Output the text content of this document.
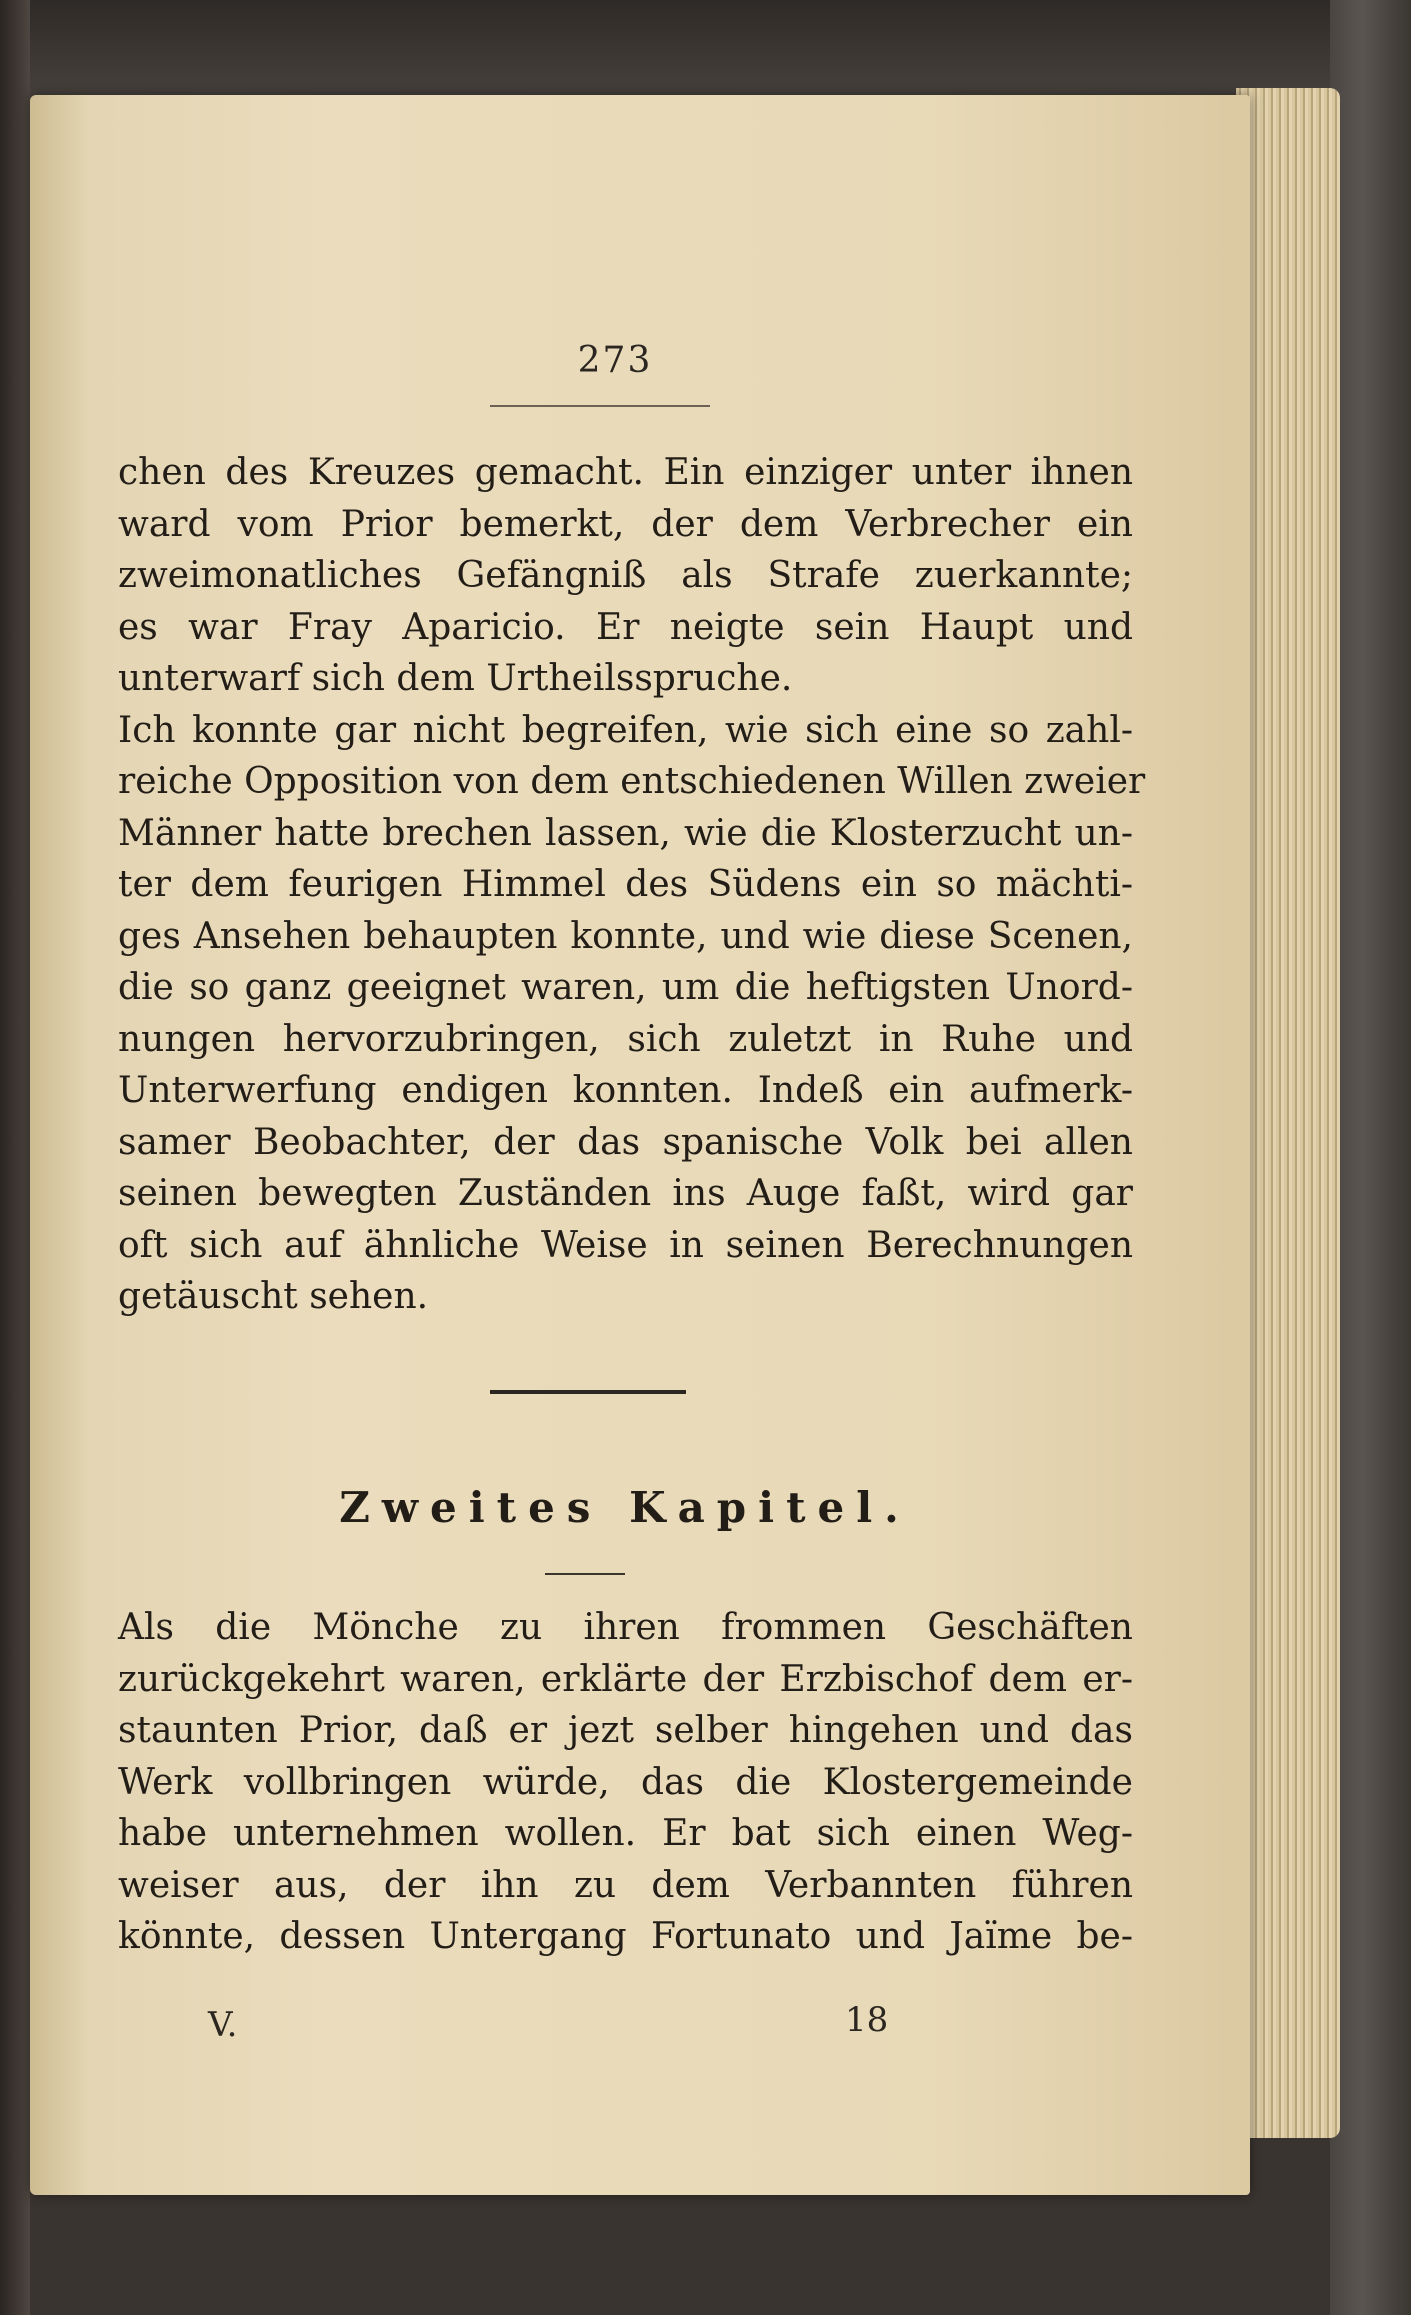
273
chen des Kreuzes gemacht. Ein einziger unter ihnen
ward vom Prior bemerkt, der dem Verbrecher ein
zweimonatliches Gefängniß als Strafe zuerkannte;
es war Fray Aparicio. Er neigte sein Haupt und
unterwarf sich dem Urtheilsspruche.
Ich konnte gar nicht begreifen, wie sich eine so zahl-
reiche Opposition von dem entschiedenen Willen zweier
Männer hatte brechen lassen, wie die Klosterzucht un-
ter dem feurigen Himmel des Südens ein so mächti-
ges Ansehen behaupten konnte, und wie diese Scenen,
die so ganz geeignet waren, um die heftigsten Unord-
nungen hervorzubringen, sich zuletzt in Ruhe und
Unterwerfung endigen konnten. Indeß ein aufmerk-
samer Beobachter, der das spanische Volk bei allen
seinen bewegten Zuständen ins Auge faßt, wird gar
oft sich auf ähnliche Weise in seinen Berechnungen
getäuscht sehen.
Zweites Kapitel.
Als die Mönche zu ihren frommen Geschäften
zurückgekehrt waren, erklärte der Erzbischof dem er-
staunten Prior, daß er jezt selber hingehen und das
Werk vollbringen würde, das die Klostergemeinde
habe unternehmen wollen. Er bat sich einen Weg-
weiser aus, der ihn zu dem Verbannten führen
könnte, dessen Untergang Fortunato und Jaïme be-
V.	18
